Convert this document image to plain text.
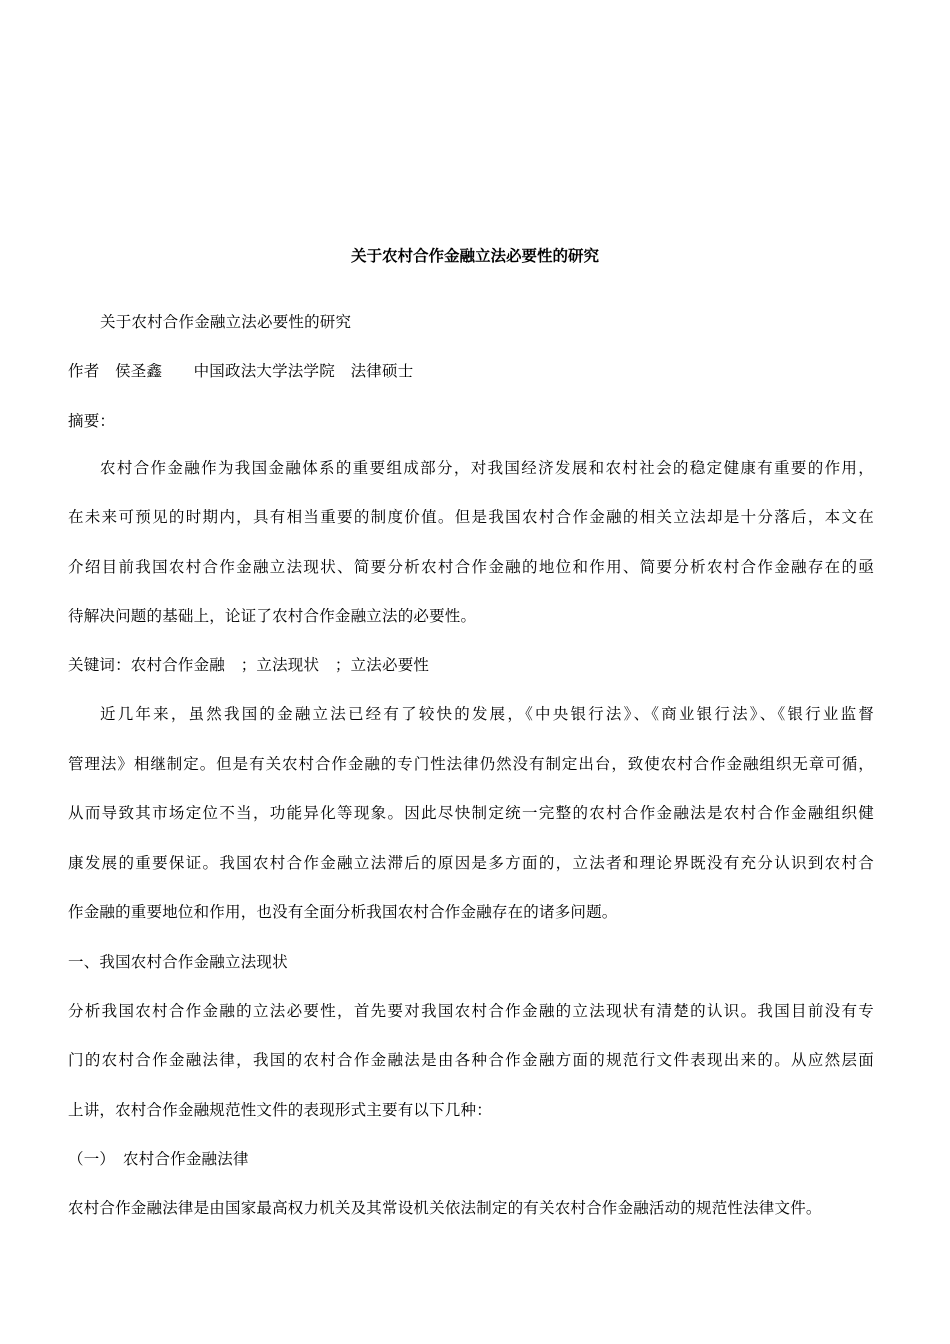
关于农村合作金融立法必要性的研究
关于农村合作金融立法必要性的研究
作者　侯圣鑫　　中国政法大学法学院　法律硕士
摘要：
农村合作金融作为我国金融体系的重要组成部分，对我国经济发展和农村社会的稳定健康有重要的作用，
在未来可预见的时期内，具有相当重要的制度价值。但是我国农村合作金融的相关立法却是十分落后，本文在
介绍目前我国农村合作金融立法现状、简要分析农村合作金融的地位和作用、简要分析农村合作金融存在的亟
待解决问题的基础上，论证了农村合作金融立法的必要性。
关键词：农村合作金融　；立法现状　；立法必要性
近几年来，虽然我国的金融立法已经有了较快的发展，《中央银行法》、《商业银行法》、《银行业监督
管理法》相继制定。但是有关农村合作金融的专门性法律仍然没有制定出台，致使农村合作金融组织无章可循，
从而导致其市场定位不当，功能异化等现象。因此尽快制定统一完整的农村合作金融法是农村合作金融组织健
康发展的重要保证。我国农村合作金融立法滞后的原因是多方面的，立法者和理论界既没有充分认识到农村合
作金融的重要地位和作用，也没有全面分析我国农村合作金融存在的诸多问题。
一、我国农村合作金融立法现状
分析我国农村合作金融的立法必要性，首先要对我国农村合作金融的立法现状有清楚的认识。我国目前没有专
门的农村合作金融法律，我国的农村合作金融法是由各种合作金融方面的规范行文件表现出来的。从应然层面
上讲，农村合作金融规范性文件的表现形式主要有以下几种：
（一）　农村合作金融法律
农村合作金融法律是由国家最高权力机关及其常设机关依法制定的有关农村合作金融活动的规范性法律文件。
